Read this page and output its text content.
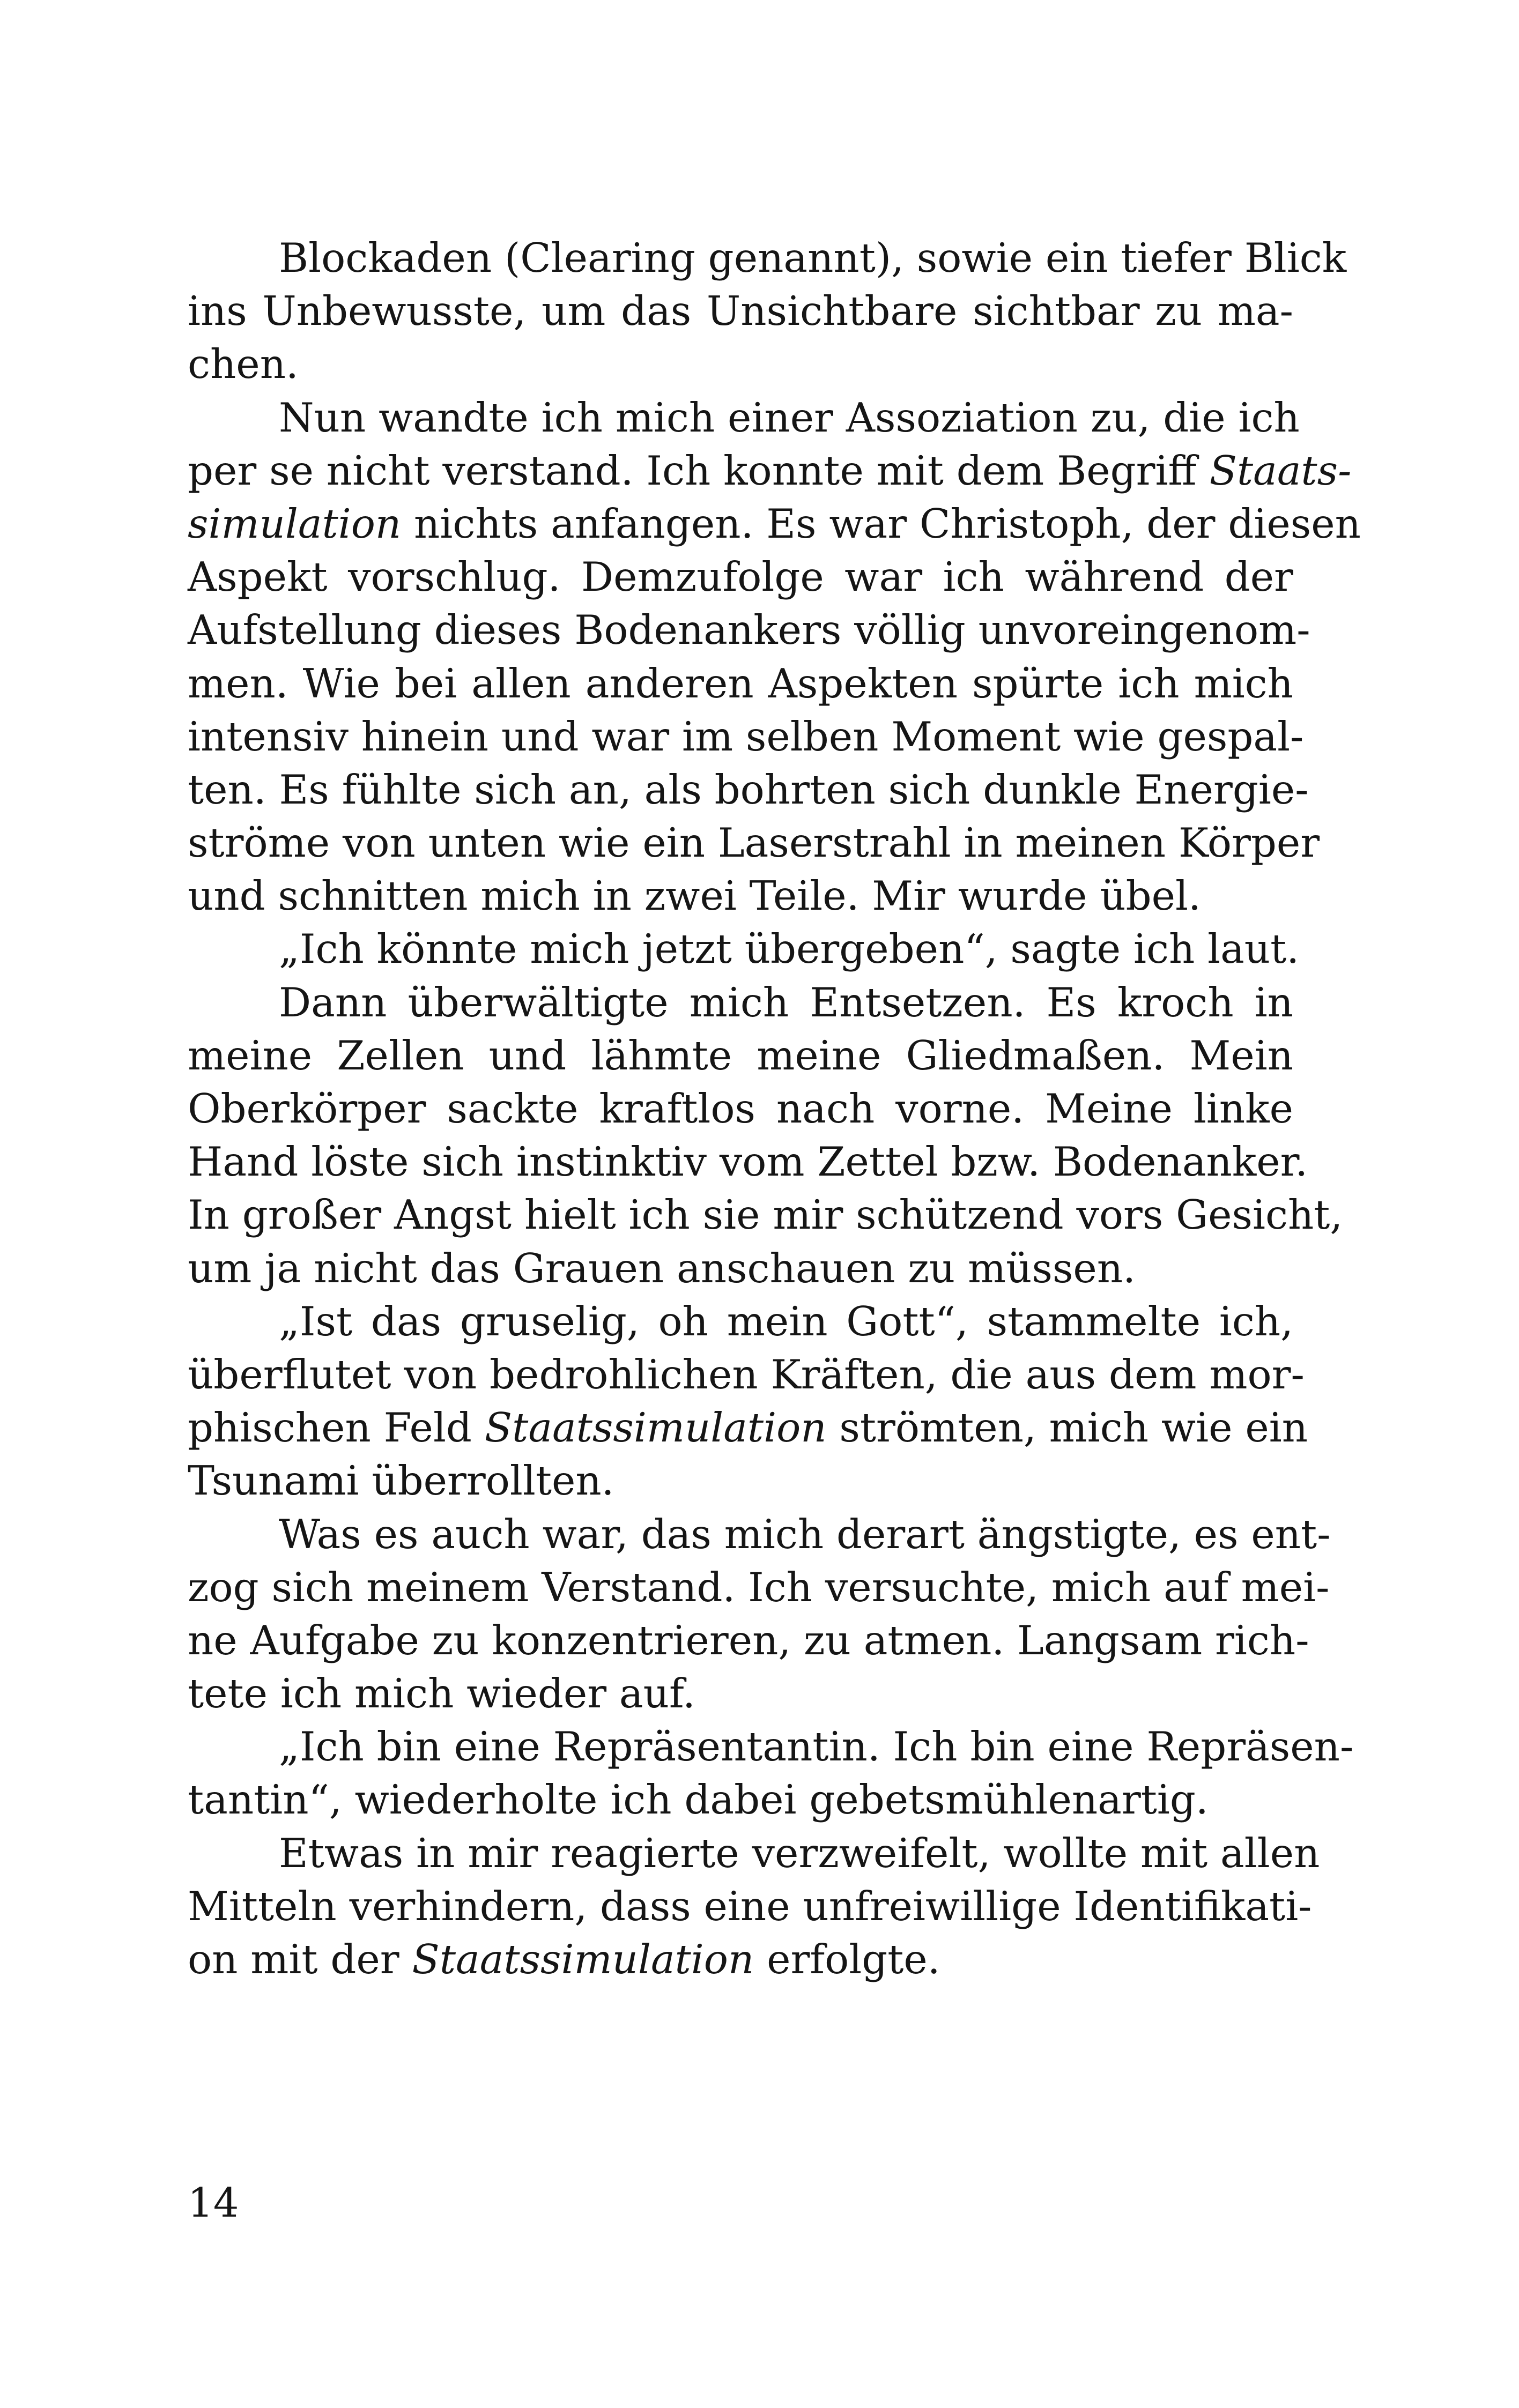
Blockaden (Clearing genannt), sowie ein tiefer Blick
ins Unbewusste, um das Unsichtbare sichtbar zu ma-
chen.
Nun wandte ich mich einer Assoziation zu, die ich
per se nicht verstand. Ich konnte mit dem Begriff Staats-
simulation nichts anfangen. Es war Christoph, der diesen
Aspekt vorschlug. Demzufolge war ich während der
Aufstellung dieses Bodenankers völlig unvoreingenom-
men. Wie bei allen anderen Aspekten spürte ich mich
intensiv hinein und war im selben Moment wie gespal-
ten. Es fühlte sich an, als bohrten sich dunkle Energie-
ströme von unten wie ein Laserstrahl in meinen Körper
und schnitten mich in zwei Teile. Mir wurde übel.
„Ich könnte mich jetzt übergeben“, sagte ich laut.
Dann überwältigte mich Entsetzen. Es kroch in
meine Zellen und lähmte meine Gliedmaßen. Mein
Oberkörper sackte kraftlos nach vorne. Meine linke
Hand löste sich instinktiv vom Zettel bzw. Bodenanker.
In großer Angst hielt ich sie mir schützend vors Gesicht,
um ja nicht das Grauen anschauen zu müssen.
„Ist das gruselig, oh mein Gott“, stammelte ich,
überflutet von bedrohlichen Kräften, die aus dem mor-
phischen Feld Staatssimulation strömten, mich wie ein
Tsunami überrollten.
Was es auch war, das mich derart ängstigte, es ent-
zog sich meinem Verstand. Ich versuchte, mich auf mei-
ne Aufgabe zu konzentrieren, zu atmen. Langsam rich-
tete ich mich wieder auf.
„Ich bin eine Repräsentantin. Ich bin eine Repräsen-
tantin“, wiederholte ich dabei gebetsmühlenartig.
Etwas in mir reagierte verzweifelt, wollte mit allen
Mitteln verhindern, dass eine unfreiwillige Identifikati-
on mit der Staatssimulation erfolgte.
14
